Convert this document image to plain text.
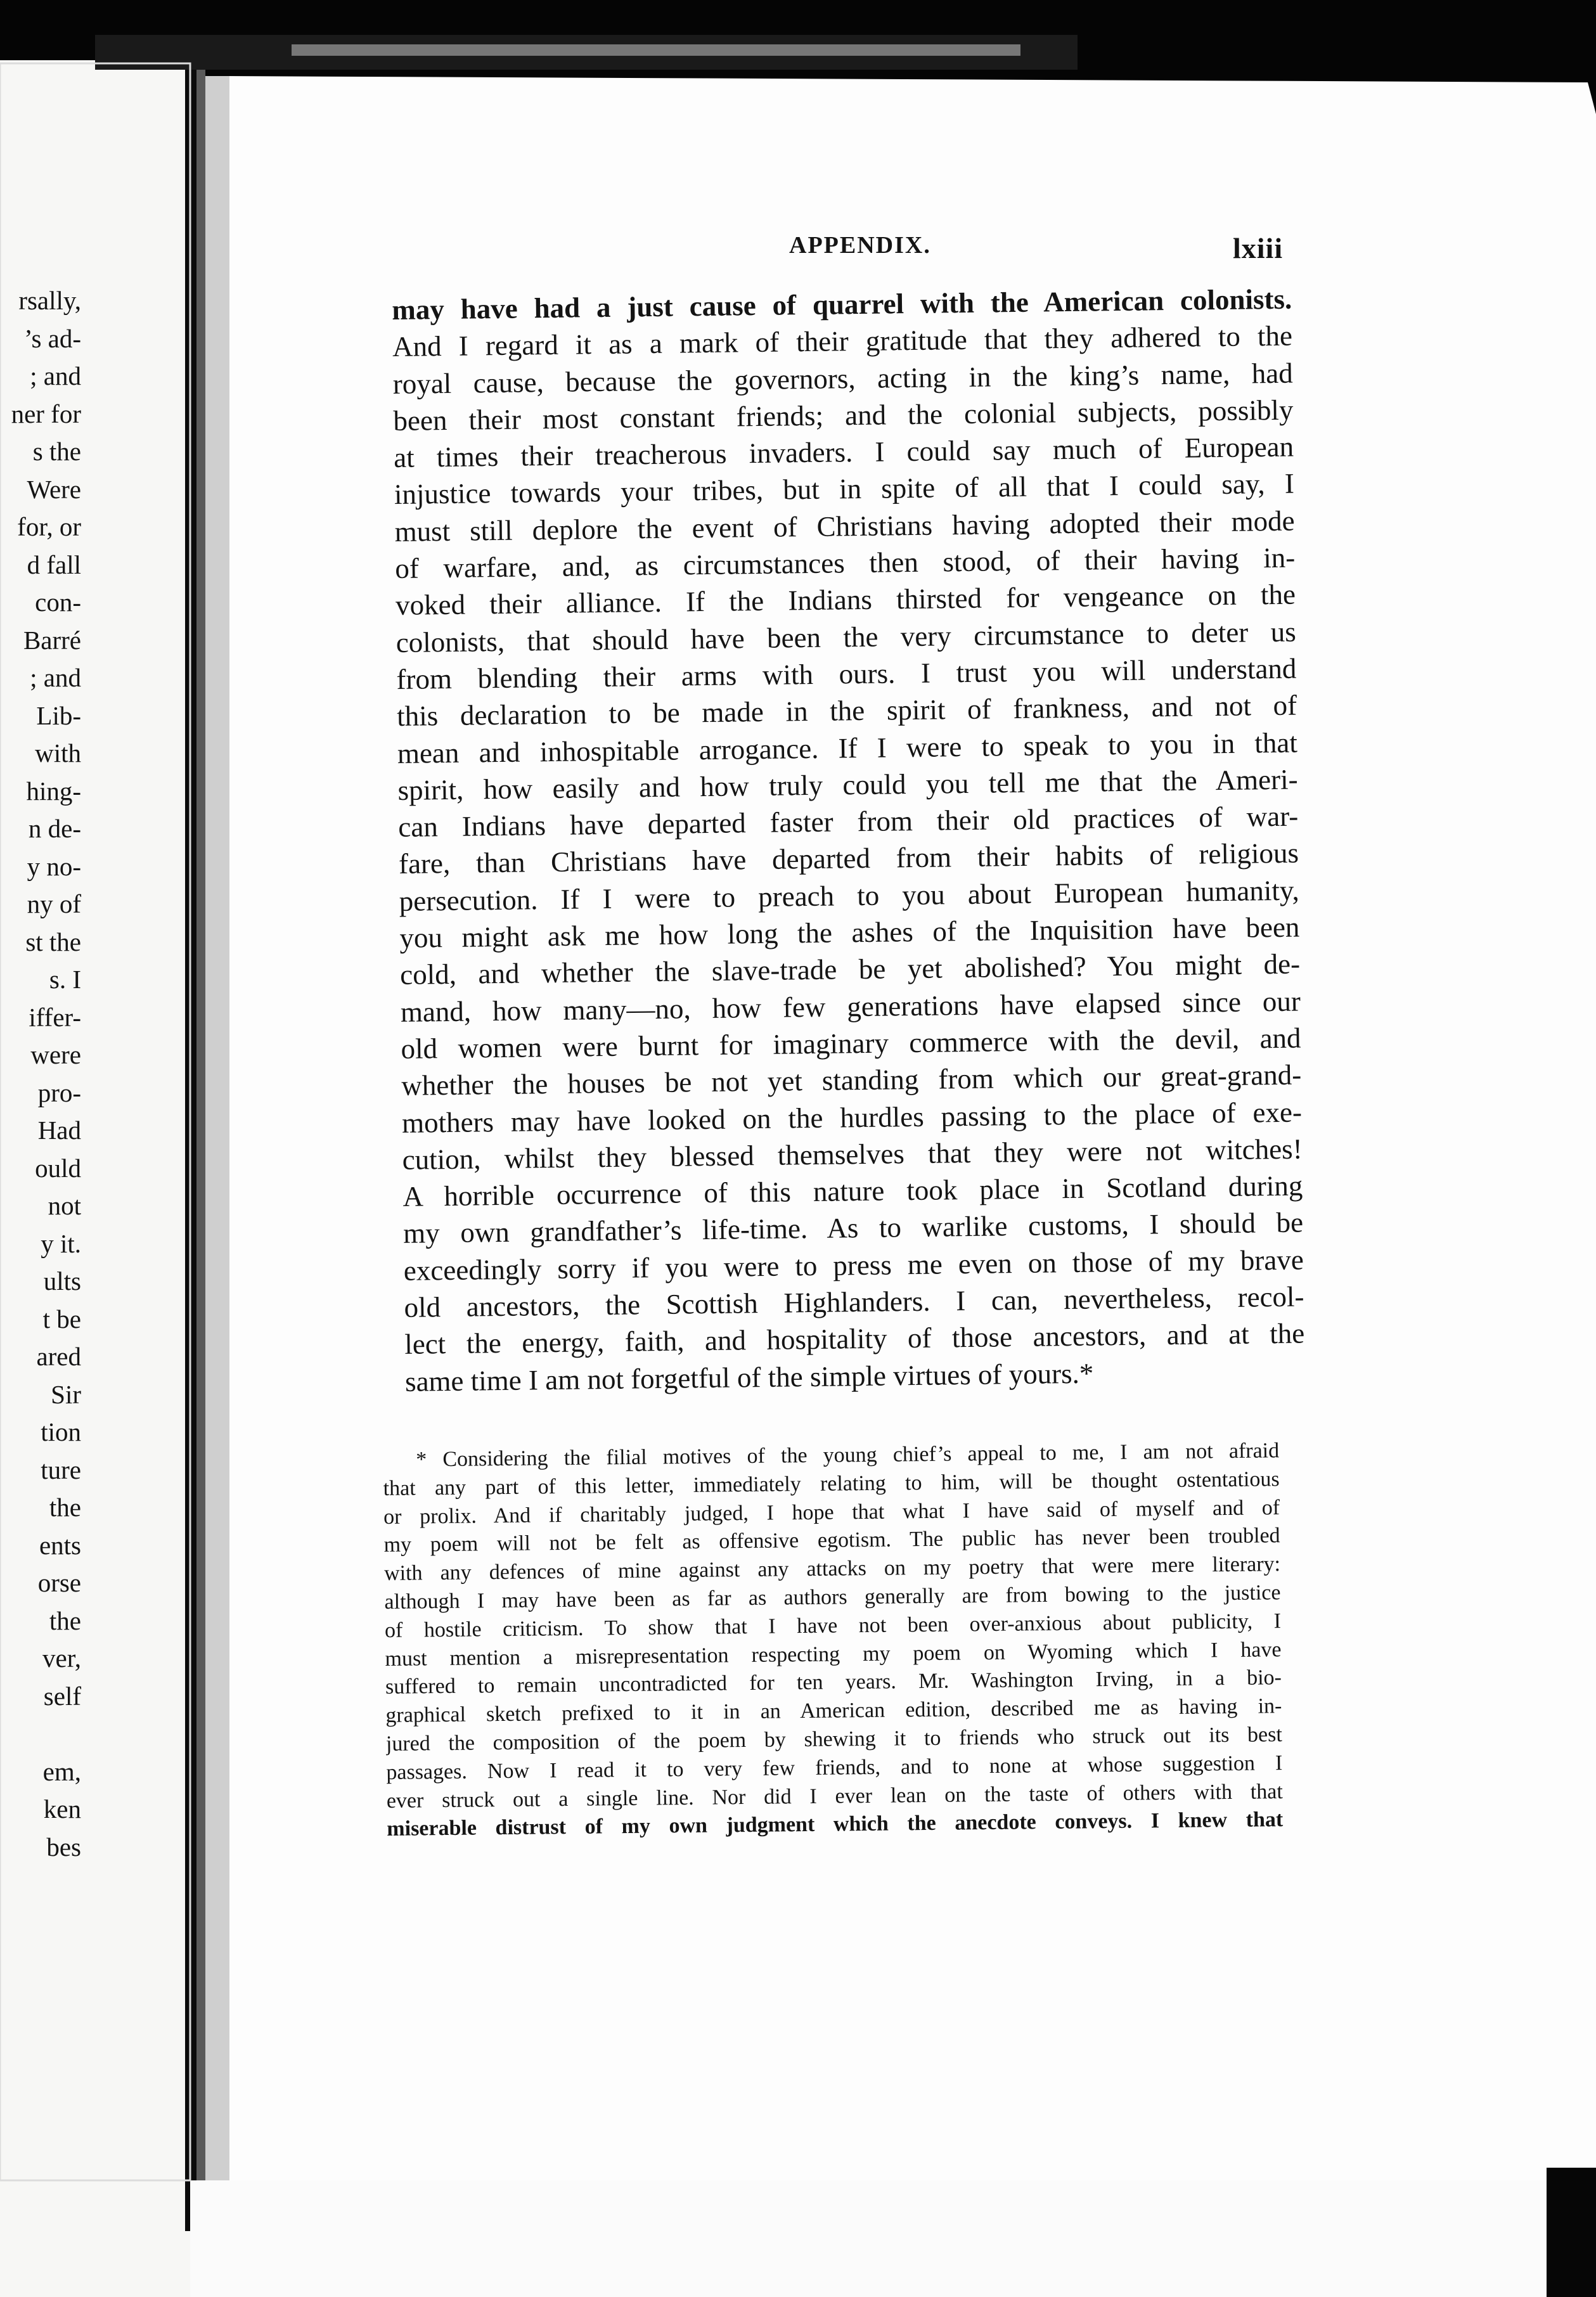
rsally,
’s ad-
; and
ner for
s the
Were
for, or
d fall
con-
Barré
; and
Lib-
with
hing-
n de-
y no-
ny of
st the
s. I
iffer-
were
pro-
Had
ould
not
y it.
ults
t be
ared
Sir
tion
ture
the
ents
orse
the
ver,
self
em,
ken
bes
APPENDIX.	lxiii
may have had a just cause of quarrel with the American colonists.
And I regard it as a mark of their gratitude that they adhered to the
royal cause, because the governors, acting in the king’s name, had
been their most constant friends; and the colonial subjects, possibly
at times their treacherous invaders. I could say much of European
injustice towards your tribes, but in spite of all that I could say, I
must still deplore the event of Christians having adopted their mode
of warfare, and, as circumstances then stood, of their having in-
voked their alliance. If the Indians thirsted for vengeance on the
colonists, that should have been the very circumstance to deter us
from blending their arms with ours. I trust you will understand
this declaration to be made in the spirit of frankness, and not of
mean and inhospitable arrogance. If I were to speak to you in that
spirit, how easily and how truly could you tell me that the Ameri-
can Indians have departed faster from their old practices of war-
fare, than Christians have departed from their habits of religious
persecution. If I were to preach to you about European humanity,
you might ask me how long the ashes of the Inquisition have been
cold, and whether the slave-trade be yet abolished? You might de-
mand, how many—no, how few generations have elapsed since our
old women were burnt for imaginary commerce with the devil, and
whether the houses be not yet standing from which our great-grand-
mothers may have looked on the hurdles passing to the place of exe-
cution, whilst they blessed themselves that they were not witches!
A horrible occurrence of this nature took place in Scotland during
my own grandfather’s life-time. As to warlike customs, I should be
exceedingly sorry if you were to press me even on those of my brave
old ancestors, the Scottish Highlanders. I can, nevertheless, recol-
lect the energy, faith, and hospitality of those ancestors, and at the
same time I am not forgetful of the simple virtues of yours.*
* Considering the filial motives of the young chief’s appeal to me, I am not afraid
that any part of this letter, immediately relating to him, will be thought ostentatious
or prolix. And if charitably judged, I hope that what I have said of myself and of
my poem will not be felt as offensive egotism. The public has never been troubled
with any defences of mine against any attacks on my poetry that were mere literary:
although I may have been as far as authors generally are from bowing to the justice
of hostile criticism. To show that I have not been over-anxious about publicity, I
must mention a misrepresentation respecting my poem on Wyoming which I have
suffered to remain uncontradicted for ten years. Mr. Washington Irving, in a bio-
graphical sketch prefixed to it in an American edition, described me as having in-
jured the composition of the poem by shewing it to friends who struck out its best
passages. Now I read it to very few friends, and to none at whose suggestion I
ever struck out a single line. Nor did I ever lean on the taste of others with that
miserable distrust of my own judgment which the anecdote conveys. I knew that
